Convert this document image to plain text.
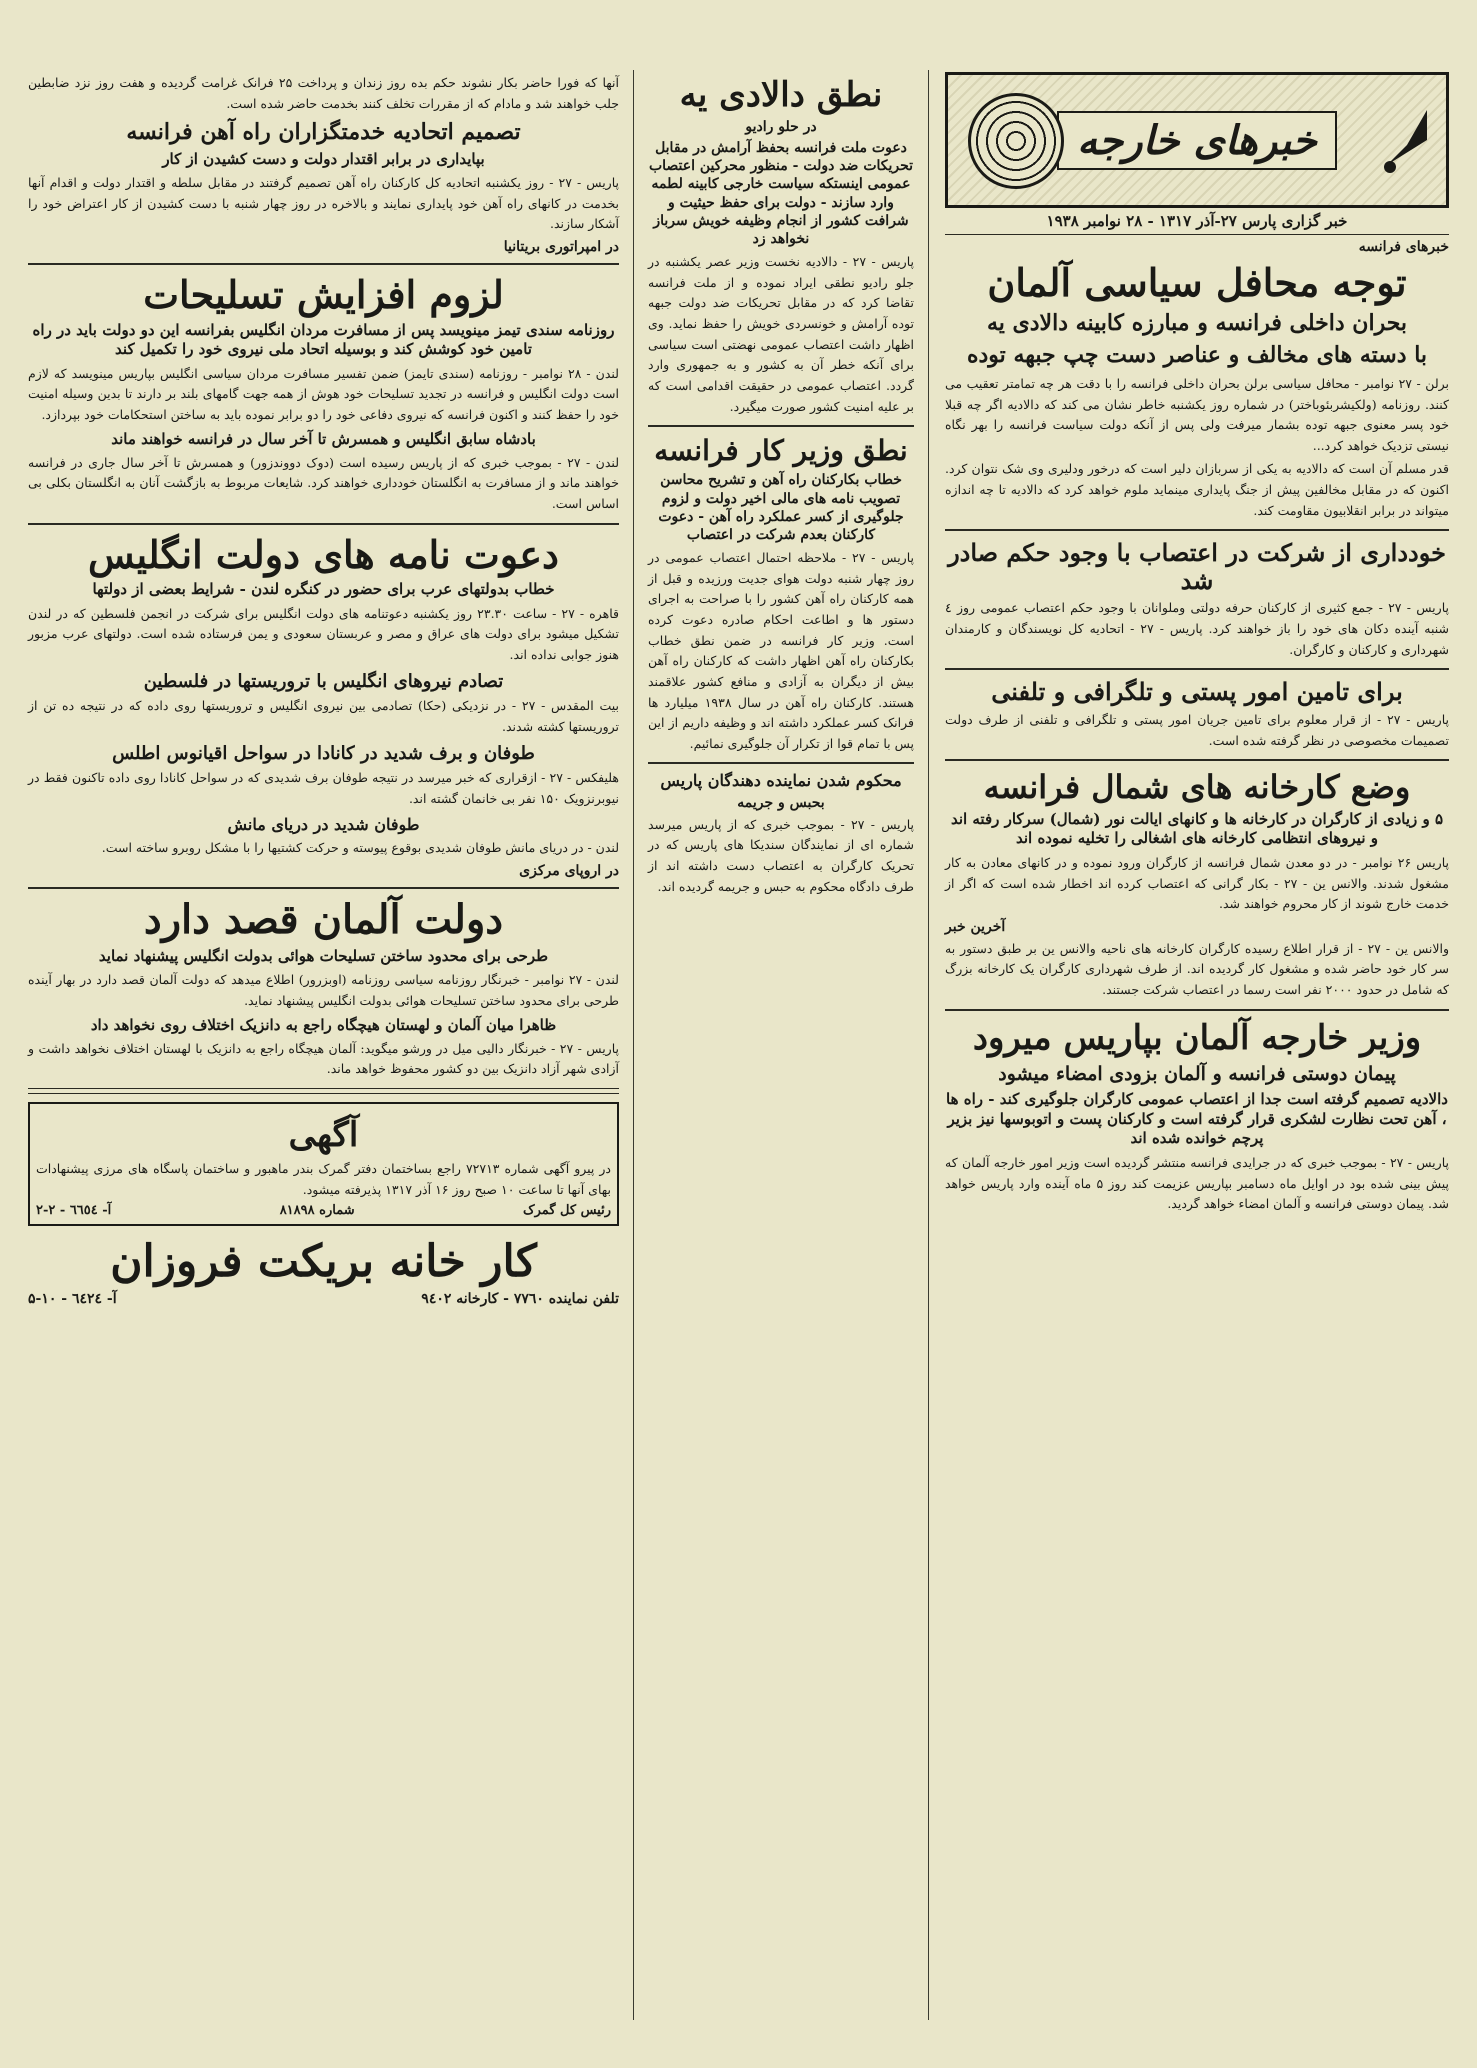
خبرهای خارجه
خبر گزاری پارس ۲۷-آذر ۱۳۱۷ - ۲۸ نوامبر ۱۹۳۸
خبرهای فرانسه
توجه محافل سیاسی آلمان
بحران داخلی فرانسه و مبارزه کابینه دالادی یه
با دسته های مخالف و عناصر دست چپ جبهه توده

برلن - ۲۷ نوامبر - محافل سیاسی برلن بحران داخلی فرانسه را با دقت هر چه تمامتر تعقیب می کنند. روزنامه (ولکیشربئوباختر) در شماره روز یکشنبه خاطر نشان می کند که دالادیه اگر چه قبلا خود پسر معنوی جبهه توده بشمار میرفت ولی پس از آنکه دولت سیاست فرانسه را بهر نگاه نیستی تزدیک خواهد کرد...

قدر مسلم آن است که دالادیه به یکی از سربازان دلیر است که درخور ودلیری وی شک نتوان کرد. اکنون که در مقابل مخالفین پیش از جنگ پایداری مینماید ملوم خواهد کرد که دالادیه تا چه اندازه میتواند در برابر انقلابیون مقاومت کند.

خودداری از شرکت در اعتصاب با وجود حکم صادر شد

پاریس - ۲۷ - جمع کثیری از کارکنان حرفه دولتی وملوانان با وجود حکم اعتصاب عمومی روز ٤ شنبه آینده دکان های خود را باز خواهند کرد. پاریس - ۲۷ - اتحادیه کل نویسندگان و کارمندان شهرداری و کارکنان و کارگران.

برای تامین امور پستی و تلگرافی و تلفنی

پاریس - ۲۷ - از قرار معلوم برای تامین جریان امور پستی و تلگرافی و تلفنی از طرف دولت تصمیمات مخصوصی در نظر گرفته شده است.

وضع کارخانه های شمال فرانسه
۵ و زیادی از کارگران در کارخانه ها و کانهای ایالت نور (شمال) سرکار رفته اند و نیروهای انتظامی کارخانه های اشغالی را تخلیه نموده اند

پاریس ۲۶ نوامبر - در دو معدن شمال فرانسه از کارگران ورود نموده و در کانهای معادن به کار مشغول شدند. والانس ین - ۲۷ - بکار گرانی که اعتصاب کرده اند اخطار شده است که اگر از خدمت خارج شوند از کار محروم خواهند شد.

آخرین خبر

والانس ین - ۲۷ - از قرار اطلاع رسیده کارگران کارخانه های ناحیه والانس ین بر طبق دستور به سر کار خود حاضر شده و مشغول کار گردیده اند. از طرف شهرداری کارگران یک کارخانه بزرگ که شامل در حدود ۲۰۰۰ نفر است رسما در اعتصاب شرکت جستند.

وزیر خارجه آلمان بپاریس میرود
پیمان دوستی فرانسه و آلمان بزودی امضاء میشود
دالادیه تصمیم گرفته است جدا از اعتصاب عمومی کارگران جلوگیری کند - راه ها ، آهن تحت نظارت لشکری قرار گرفته است و کارکنان پست و اتوبوسها نیز بزیر پرچم خوانده شده اند

پاریس - ۲۷ - بموجب خبری که در جرایدی فرانسه منتشر گردیده است وزیر امور خارجه آلمان که پیش بینی شده بود در اوایل ماه دسامبر بپاریس عزیمت کند روز ۵ ماه آینده وارد پاریس خواهد شد. پیمان دوستی فرانسه و آلمان امضاء خواهد گردید.

نطق دالادی یه
در حلو رادیو
دعوت ملت فرانسه بحفظ آرامش در مقابل تحریکات ضد دولت - منظور محرکین اعتصاب عمومی اینستکه سیاست خارجی کابینه لطمه وارد سازند - دولت برای حفظ حیثیت و شرافت کشور از انجام وظیفه خویش سرباز نخواهد زد

پاریس - ۲۷ - دالادیه نخست وزیر عصر یکشنبه در جلو رادیو نطقی ایراد نموده و از ملت فرانسه تقاضا کرد که در مقابل تحریکات ضد دولت جبهه توده آرامش و خونسردی خویش را حفظ نماید. وی اظهار داشت اعتصاب عمومی نهضتی است سیاسی برای آنکه خطر آن به کشور و به جمهوری وارد گردد. اعتصاب عمومی در حقیقت اقدامی است که بر علیه امنیت کشور صورت میگیرد.

نطق وزیر کار فرانسه
خطاب بکارکنان راه آهن و تشریح محاسن تصویب نامه های مالی اخیر دولت و لزوم جلوگیری از کسر عملکرد راه آهن - دعوت کارکنان بعدم شرکت در اعتصاب

پاریس - ۲۷ - ملاحظه احتمال اعتصاب عمومی در روز چهار شنبه دولت هوای جدیت ورزیده و قبل از همه کارکنان راه آهن کشور را با صراحت به اجرای دستور ها و اطاعت احکام صادره دعوت کرده است. وزیر کار فرانسه در ضمن نطق خطاب بکارکنان راه آهن اظهار داشت که کارکنان راه آهن بیش از دیگران به آزادی و منافع کشور علاقمند هستند. کارکنان راه آهن در سال ۱۹۳۸ میلیارد ها فرانک کسر عملکرد داشته اند و وظیفه داریم از این پس با تمام قوا از تکرار آن جلوگیری نمائیم.

محکوم شدن نماینده دهندگان پاریس
بحبس و جریمه

پاریس - ۲۷ - بموجب خبری که از پاریس میرسد شماره ای از نمایندگان سندیکا های پاریس که در تحریک کارگران به اعتصاب دست داشته اند از طرف دادگاه محکوم به حبس و جریمه گردیده اند.

آنها که فورا حاضر بکار نشوند حکم بده روز زندان و پرداخت ۲۵ فرانک غرامت گردیده و هفت روز نزد ضابطین جلب خواهند شد و مادام که از مقررات تخلف کنند بخدمت حاضر شده است.

تصمیم اتحادیه خدمتگزاران راه آهن فرانسه
بپایداری در برابر اقتدار دولت و دست کشیدن از کار

پاریس - ۲۷ - روز یکشنبه اتحادیه کل کارکنان راه آهن تصمیم گرفتند در مقابل سلطه و اقتدار دولت و اقدام آنها بخدمت در کانهای راه آهن خود پایداری نمایند و بالاخره در روز چهار شنبه با دست کشیدن از کار اعتراض خود را آشکار سازند.

در امپراتوری بریتانیا
لزوم افزایش تسلیحات
روزنامه سندی تیمز مینویسد پس از مسافرت مردان انگلیس بفرانسه این دو دولت باید در راه تامین خود کوشش کند و بوسیله اتحاد ملی نیروی خود را تکمیل کند

لندن - ۲۸ نوامبر - روزنامه (سندی تایمز) ضمن تفسیر مسافرت مردان سیاسی انگلیس بپاریس مینویسد که لازم است دولت انگلیس و فرانسه در تجدید تسلیحات خود هوش از همه جهت گامهای بلند بر دارند تا بدین وسیله امنیت خود را حفظ کنند و اکنون فرانسه که نیروی دفاعی خود را دو برابر نموده باید به ساختن استحکامات خود بپردازد.

بادشاه سابق انگلیس و همسرش تا آخر سال در فرانسه خواهند ماند

لندن - ۲۷ - بموجب خبری که از پاریس رسیده است (دوک دووندزور) و همسرش تا آخر سال جاری در فرانسه خواهند ماند و از مسافرت به انگلستان خودداری خواهند کرد. شایعات مربوط به بازگشت آنان به انگلستان بکلی بی اساس است.

دعوت نامه های دولت انگلیس
خطاب بدولتهای عرب برای حضور در کنگره لندن - شرایط بعضی از دولتها

قاهره - ۲۷ - ساعت ۲۳.۳۰ روز یکشنبه دعوتنامه های دولت انگلیس برای شرکت در انجمن فلسطین که در لندن تشکیل میشود برای دولت های عراق و مصر و عربستان سعودی و یمن فرستاده شده است. دولتهای عرب مزبور هنوز جوابی نداده اند.

تصادم نیروهای انگلیس با تروریستها در فلسطین

بیت المقدس - ۲۷ - در نزدیکی (حکا) تصادمی بین نیروی انگلیس و تروریستها روی داده که در نتیجه ده تن از تروریستها کشته شدند.

طوفان و برف شدید در کانادا در سواحل اقیانوس اطلس

هلیفکس - ۲۷ - ازقراری که خبر میرسد در نتیجه طوفان برف شدیدی که در سواحل کانادا روی داده تاکنون فقط در نیوبرنزویک ۱۵۰ نفر بی خانمان گشته اند.

طوفان شدید در دریای مانش

لندن - در دریای مانش طوفان شدیدی بوقوع پیوسته و حرکت کشتیها را با مشکل روبرو ساخته است.

در اروپای مرکزی
دولت آلمان قصد دارد
طرحی برای محدود ساختن تسلیحات هوائی بدولت انگلیس پیشنهاد نماید

لندن - ۲۷ نوامبر - خبرنگار روزنامه سیاسی روزنامه (اوبزرور) اطلاع میدهد که دولت آلمان قصد دارد در بهار آینده طرحی برای محدود ساختن تسلیحات هوائی بدولت انگلیس پیشنهاد نماید.

ظاهرا میان آلمان و لهستان هیچگاه راجع به دانزیک اختلاف روی نخواهد داد

پاریس - ۲۷ - خبرنگار دالیی میل در ورشو میگوید: آلمان هیچگاه راجع به دانزیک با لهستان اختلاف نخواهد داشت و آزادی شهر آزاد دانزیک بین دو کشور محفوظ خواهد ماند.

آگهی

در پیرو آگهی شماره ۷۲۷۱۳ راجع بساختمان دفتر گمرک بندر ماهبور و ساختمان پاسگاه های مرزی پیشنهادات بهای آنها تا ساعت ۱۰ صبح روز ۱۶ آذر ۱۳۱۷ پذیرفته میشود.

رئیس کل گمرک
شماره ۸۱۸۹۸
آ- ٦٦٥٤ - ۲-۲
کار خانه بریکت فروزان
تلفن نماینده ۷۷٦۰ - کارخانه ۹٤۰۲
آ- ٦٤۲٤ - ۱۰-۵
